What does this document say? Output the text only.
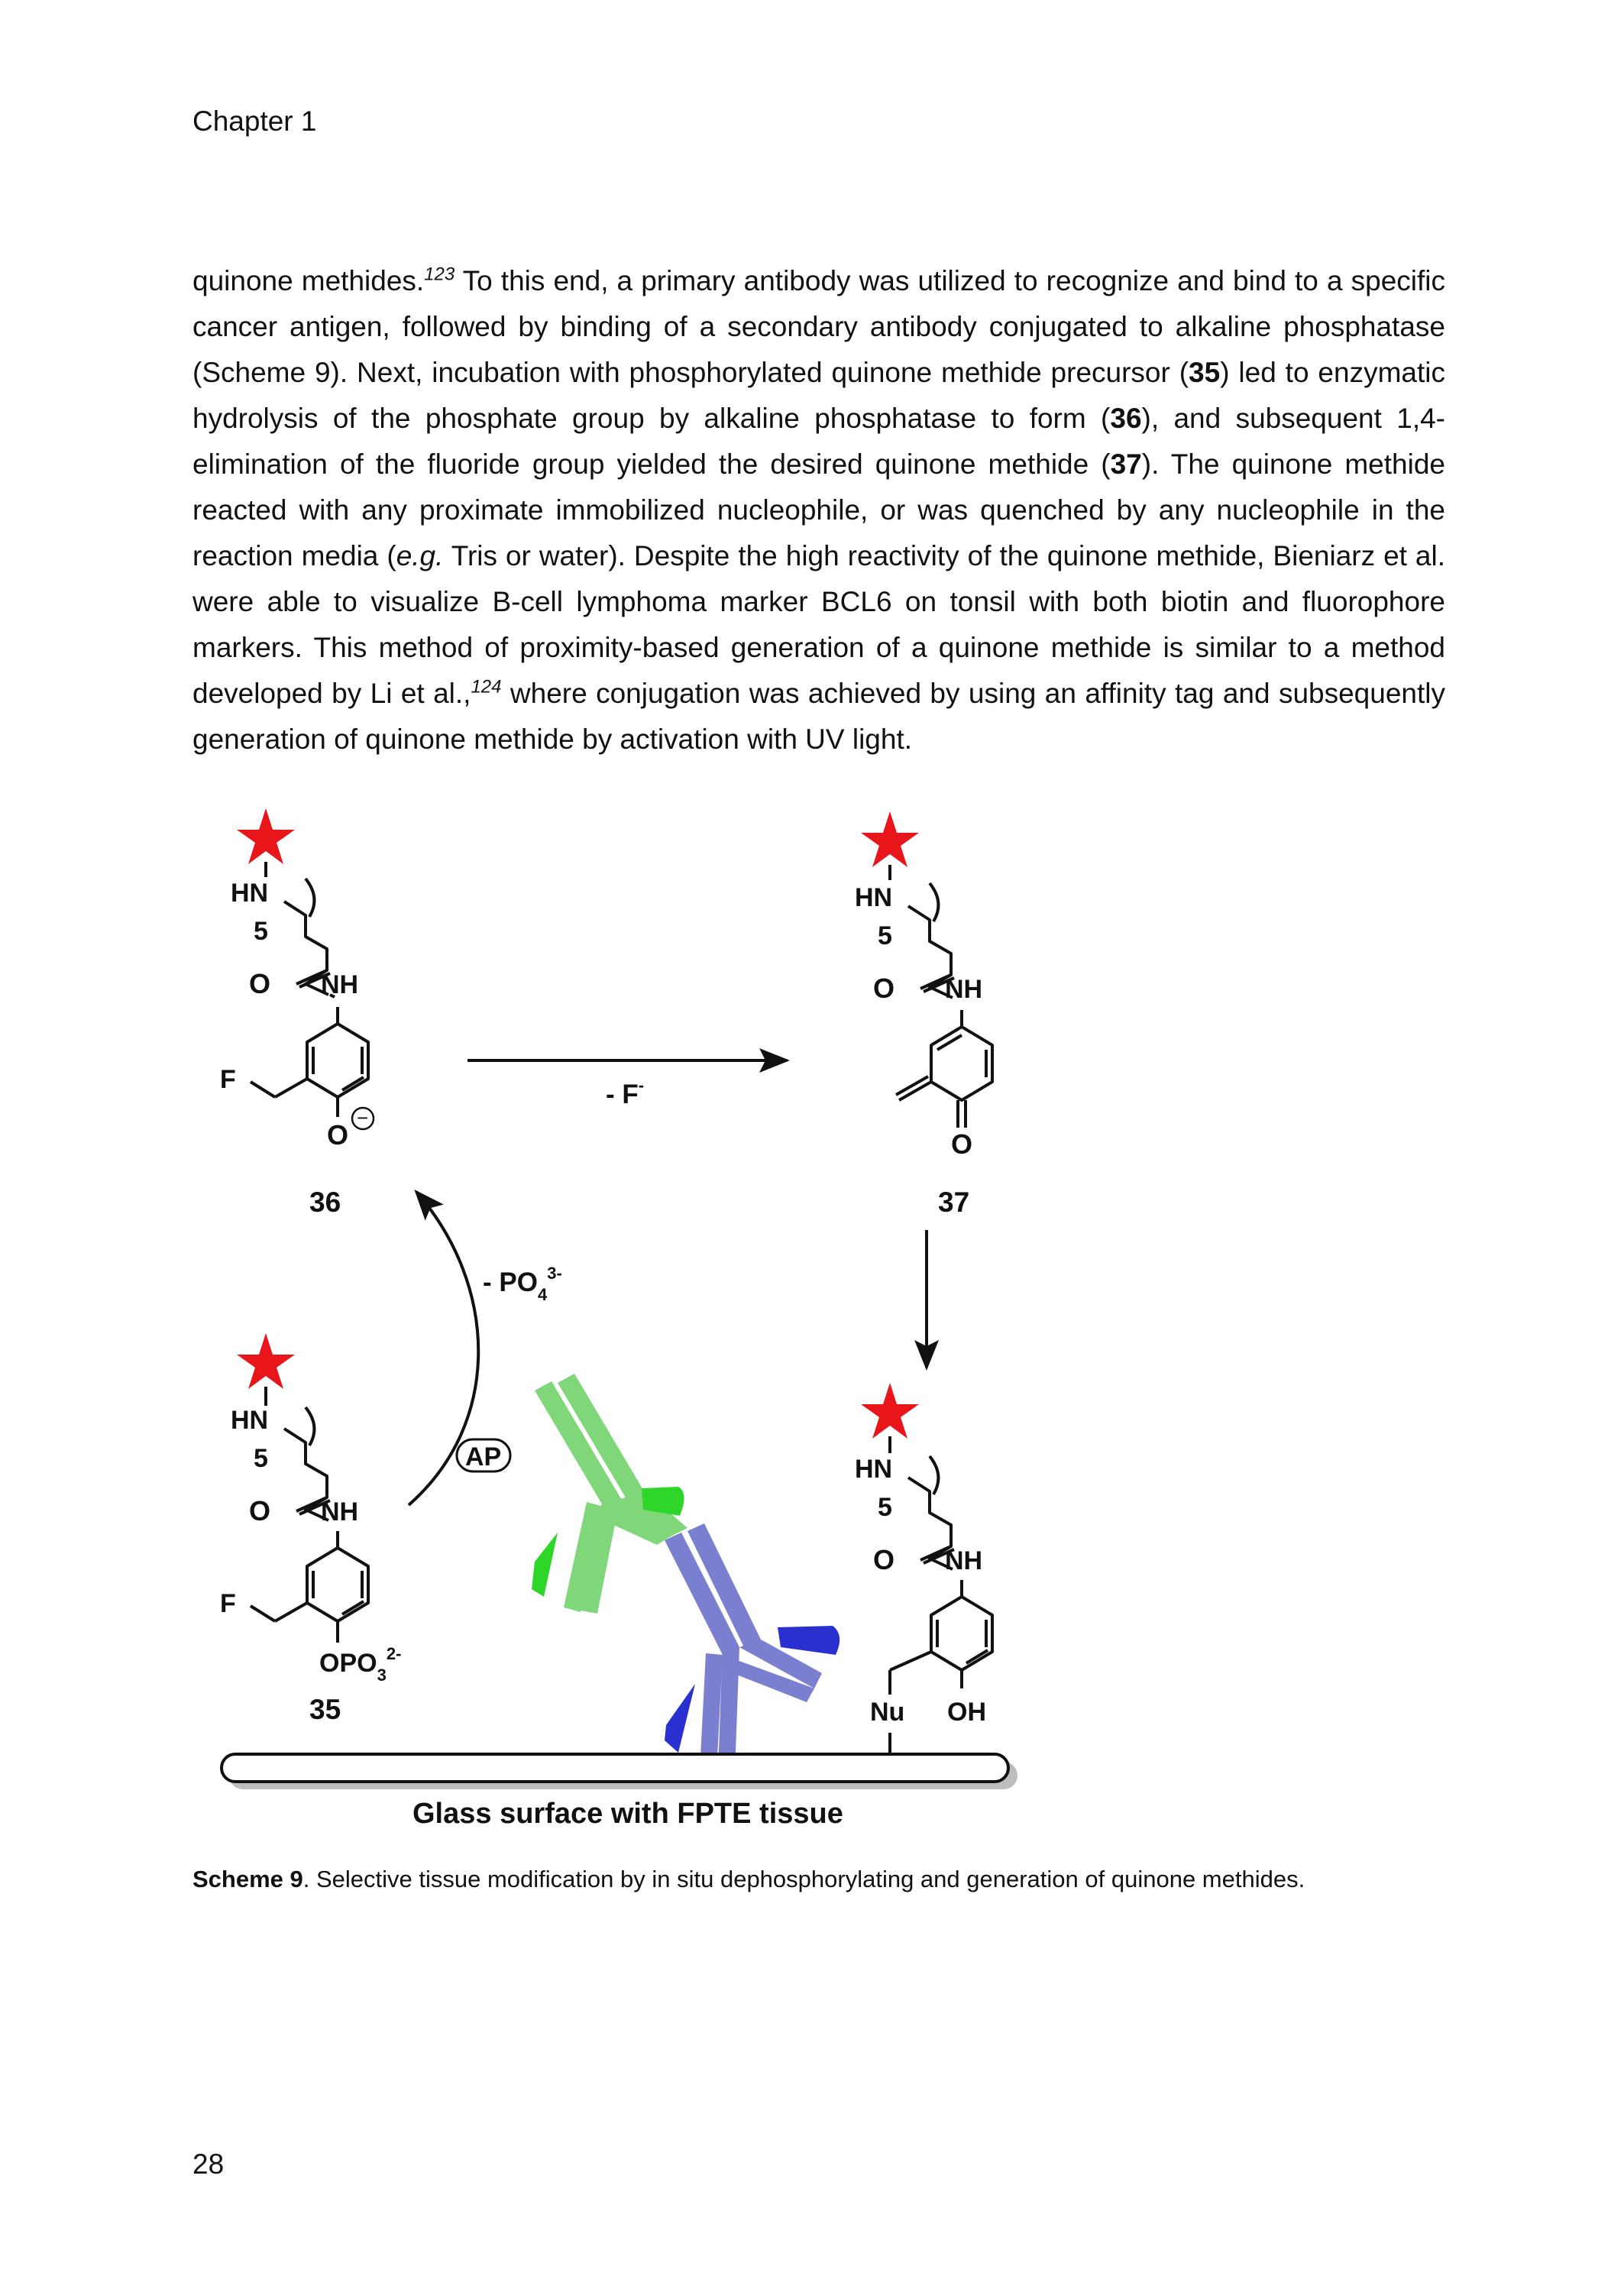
Chapter 1

quinone methides.$^{123}$ To this end, a primary antibody was utilized to recognize and bind to a specific cancer antigen, followed by binding of a secondary antibody conjugated to alkaline phosphatase (Scheme 9). Next, incubation with phosphorylated quinone methide precursor (35) led to enzymatic hydrolysis of the phosphate group by alkaline phosphatase to form (36), and subsequent 1,4-elimination of the fluoride group yielded the desired quinone methide (37). The quinone methide reacted with any proximate immobilized nucleophile, or was quenched by any nucleophile in the reaction media (e.g. Tris or water). Despite the high reactivity of the quinone methide, Bieniarz et al. were able to visualize B-cell lymphoma marker BCL6 on tonsil with both biotin and fluorophore markers. This method of proximity-based generation of a quinone methide is similar to a method developed by Li et al.,$^{124}$ where conjugation was achieved by using an affinity tag and subsequently generation of quinone methide by activation with UV light.

HN
5
O NH
F
O
−
36
- F-
HN
5
O NH
O
37
- $PO_4^{3-}$
AP
HN
5
O NH
F
$OPO_3^{2-}$
35
HN
5
O NH
Nu OH
Glass surface with FPTE tissue

Scheme 9. Selective tissue modification by in situ dephosphorylating and generation of quinone methides.

28
